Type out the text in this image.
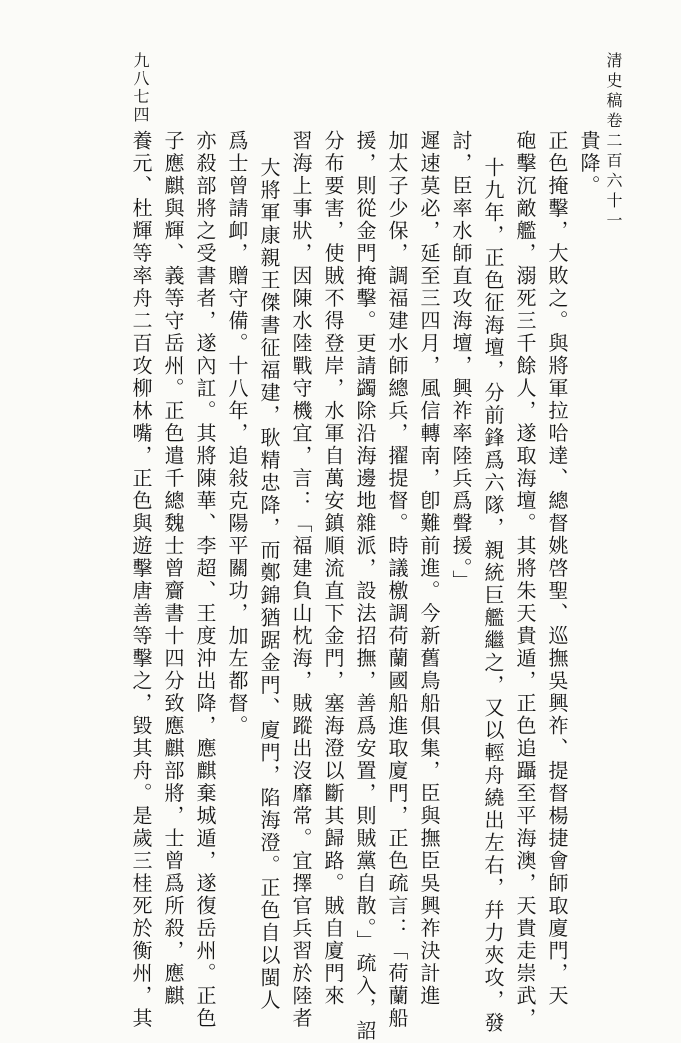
清史稿卷二百六十一
九八七四
養元、杜輝等率舟二百攻柳林嘴，正色與遊擊唐善等擊之，毀其舟。是歲三桂死於衡州，其 子應麒與輝、義等守岳州。正色遣千總魏士曾齎書十四分致應麒部將，士曾爲所殺，應麒 亦殺部將之受書者，遂內訌。其將陳華、李超、王度沖出降，應麒棄城遁，遂復岳州。正色 爲士曾請卹，贈守備。十八年，追敍克陽平關功，加左都督。 大將軍康親王傑書征福建，耿精忠降，而鄭錦猶踞金門、廈門，陷海澄。正色自以閩人 習海上事狀，因陳水陸戰守機宜，言：「福建負山枕海，賊蹤出沒靡常。宜擇官兵習於陸者 分布要害，使賊不得登岸，水軍自萬安鎮順流直下金門，塞海澄以斷其歸路。賊自廈門來 援，則從金門掩擊。更請蠲除沿海邊地雜派，設法招撫，善爲安置，則賊黨自散。」疏入，詔 加太子少保，調福建水師總兵，擢提督。時議檄調荷蘭國船進取廈門，正色疏言：「荷蘭船 遲速莫必，延至三四月，風信轉南，卽難前進。今新舊鳥船俱集，臣與撫臣吳興祚決計進 討，臣率水師直攻海壇，興祚率陸兵爲聲援。」 十九年，正色征海壇，分前鋒爲六隊，親統巨艦繼之，又以輕舟繞出左右，幷力夾攻，發 砲擊沉敵艦，溺死三千餘人，遂取海壇。其將朱天貴遁，正色追躡至平海澳，天貴走崇武， 正色掩擊，大敗之。與將軍拉哈達、總督姚啓聖、巡撫吳興祚、提督楊捷會師取廈門，天 貴降。
